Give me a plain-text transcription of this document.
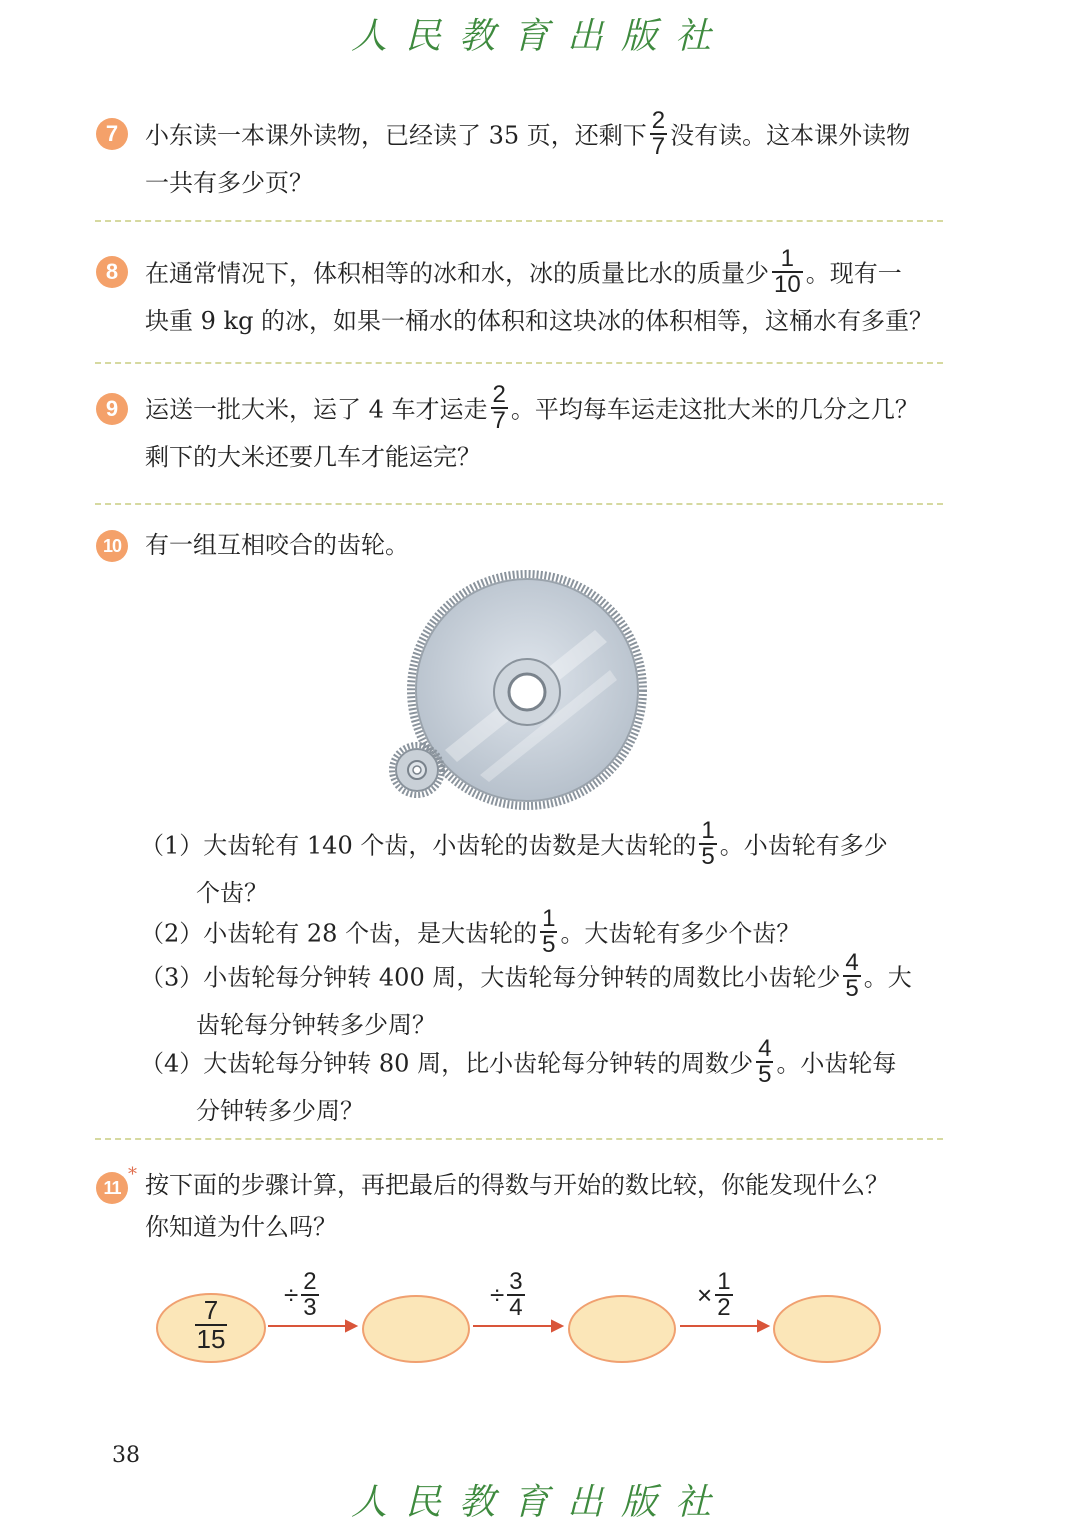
人民教育出版社
7	小东读一本课外读物，已经读了 35 页，还剩下 $\frac{2}{7}$ 没有读。这本课外读物
一共有多少页？
8	在通常情况下，体积相等的冰和水，冰的质量比水的质量少 $\frac{1}{10}$ 。现有一
块重 9 kg 的冰，如果一桶水的体积和这块冰的体积相等，这桶水有多重？
9	运送一批大米，运了 4 车才运走 $\frac{2}{7}$ 。平均每车运走这批大米的几分之几？
剩下的大米还要几车才能运完？
10 有一组互相咬合的齿轮。
（1）大齿轮有 140 个齿，小齿轮的齿数是大齿轮的 $\frac{1}{5}$ 。小齿轮有多少
个齿？
（2）小齿轮有 28 个齿，是大齿轮的 $\frac{1}{5}$ 。大齿轮有多少个齿？
（3）小齿轮每分钟转 400 周，大齿轮每分钟转的周数比小齿轮少 $\frac{4}{5}$ 。大
齿轮每分钟转多少周？
（4）大齿轮每分钟转 80 周，比小齿轮每分钟转的周数少 $\frac{4}{5}$ 。小齿轮每
分钟转多少周？
11
* 按下面的步骤计算，再把最后的得数与开始的数比较，你能发现什么？
你知道为什么吗？
$\frac{7}{15}$
÷ $\frac{2}{3}$	÷ $\frac{3}{4}$	× $\frac{1}{2}$
38
人民教育出版社
